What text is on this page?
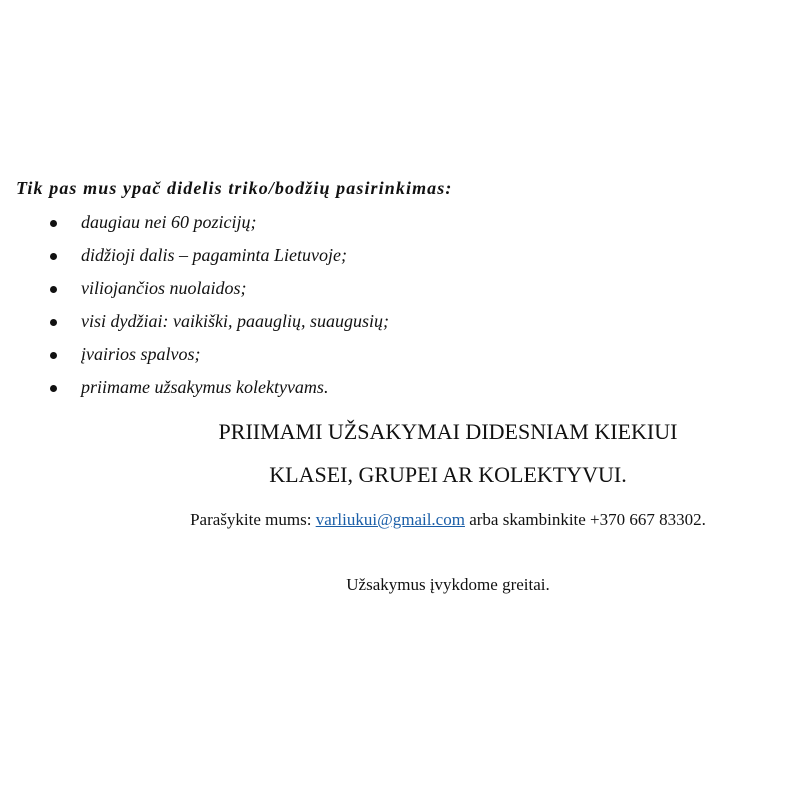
Tik pas mus ypač didelis triko/bodžių pasirinkimas:

daugiau nei 60 pozicijų;
didžioji dalis – pagaminta Lietuvoje;
viliojančios nuolaidos;
visi dydžiai: vaikiški, paauglių, suaugusių;
įvairios spalvos;
priimame užsakymus kolektyvams.

PRIIMAMI UŽSAKYMAI DIDESNIAM KIEKIUI

KLASEI, GRUPEI AR KOLEKTYVUI.

Parašykite mums: varliukui@gmail.com arba skambinkite +370 667 83302.

Užsakymus įvykdome greitai.
